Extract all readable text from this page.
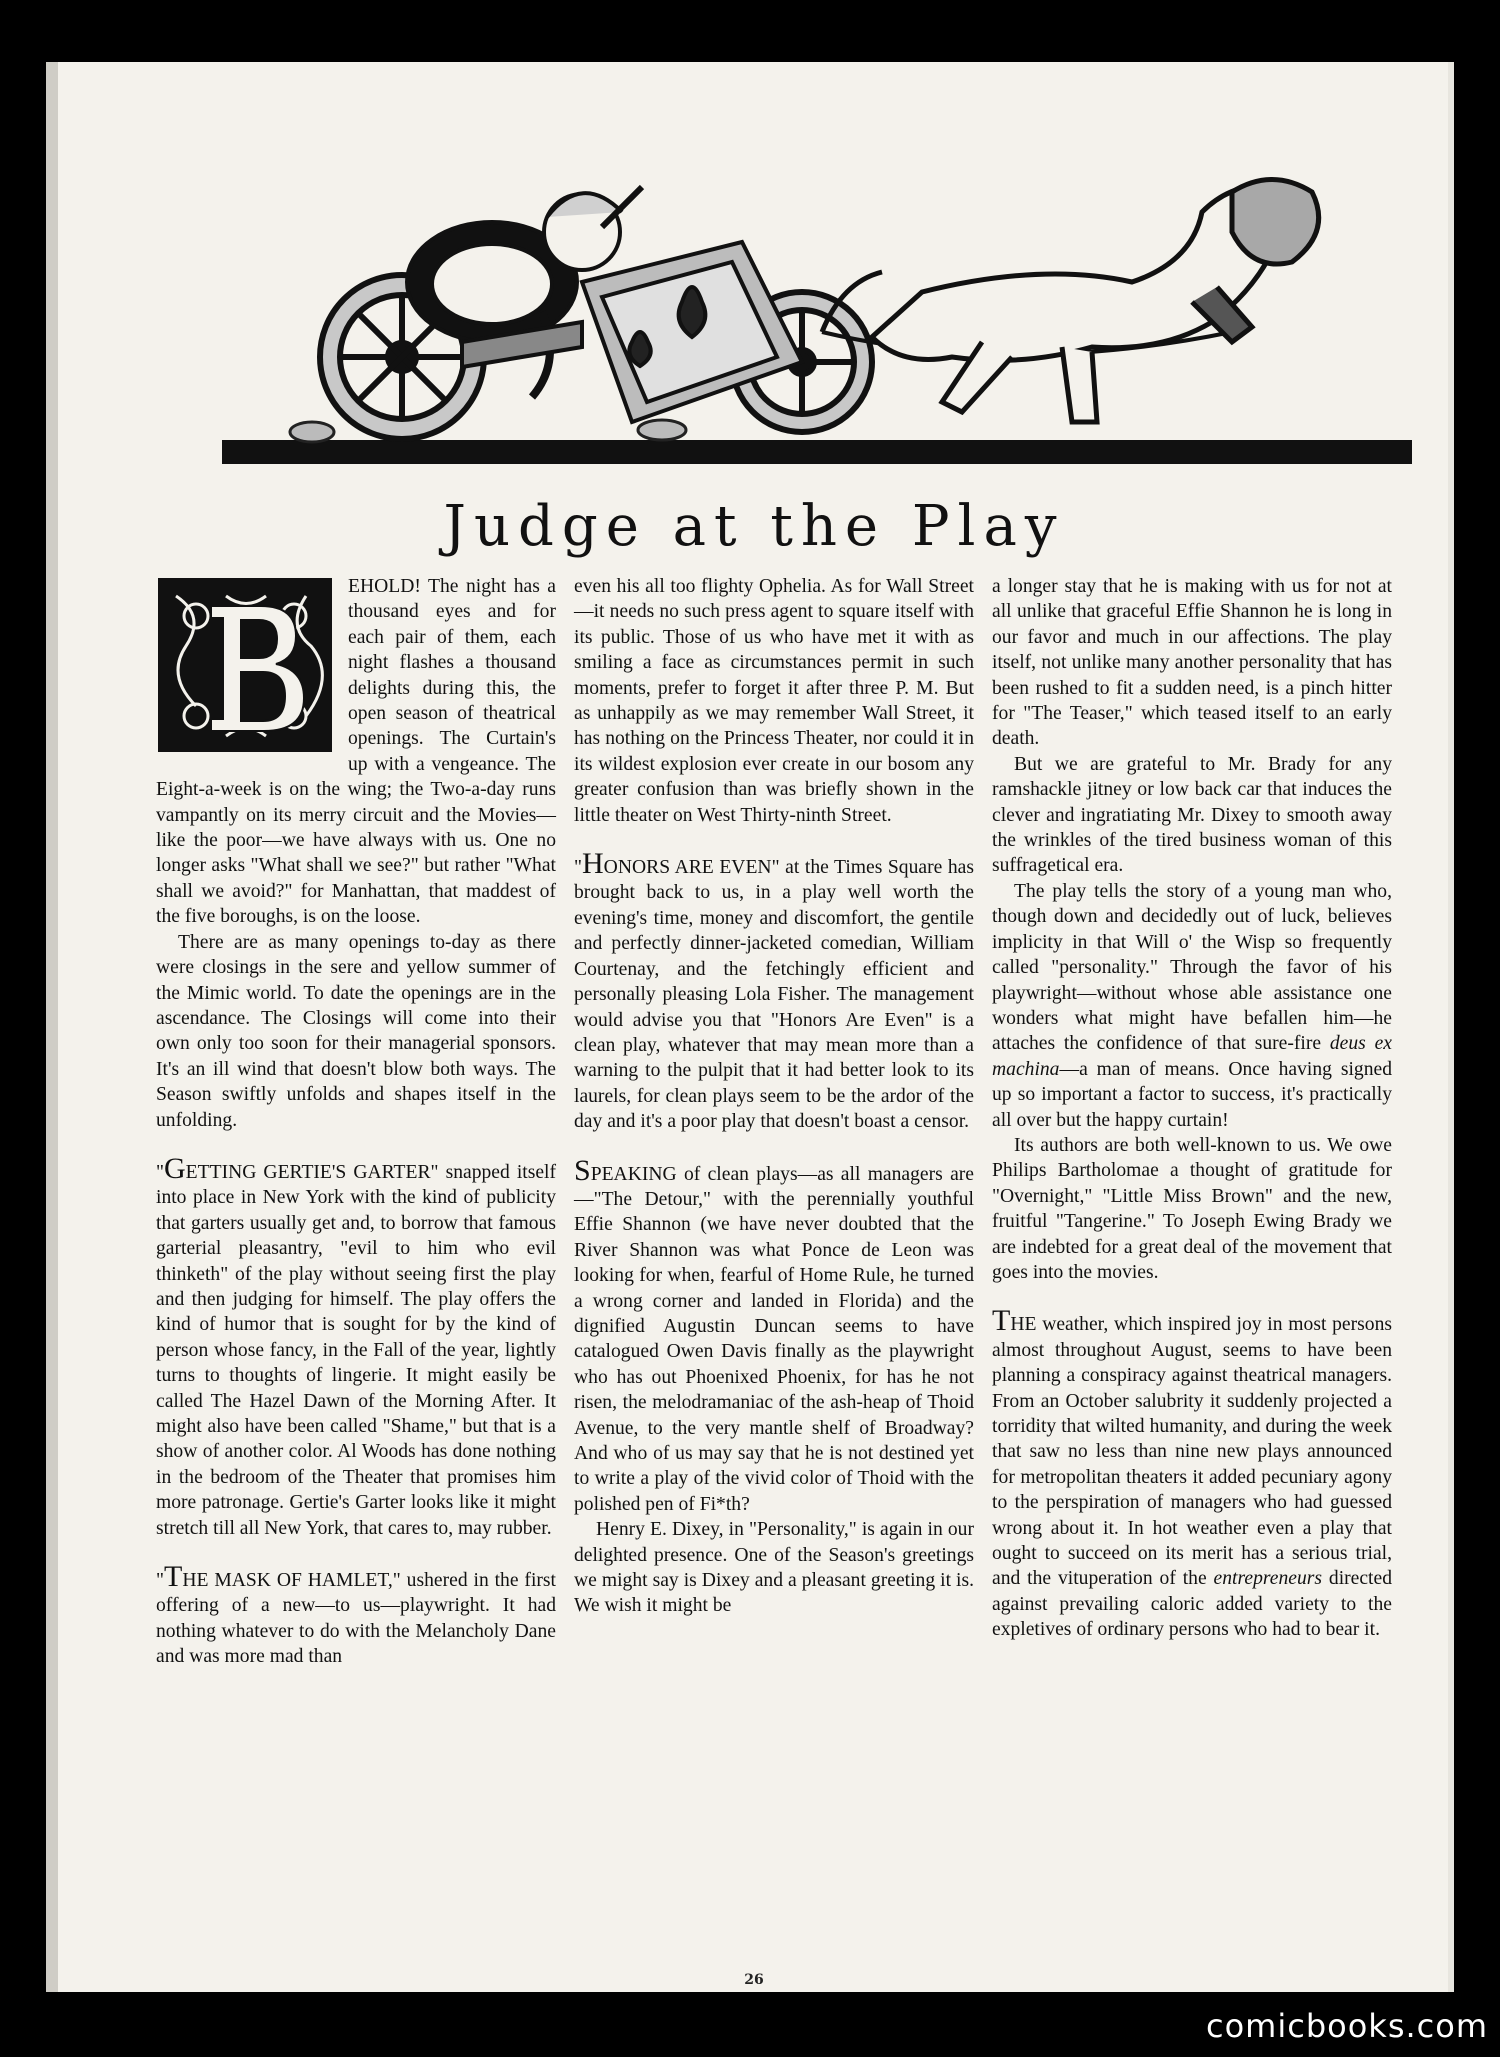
Judge at the Play

EHOLD! The night has a thousand eyes and for each pair of them, each night flashes a thousand delights during this, the open season of theatrical openings. The Curtain's up with a vengeance. The Eight-a-week is on the wing; the Two-a-day runs vampantly on its merry circuit and the Movies—like the poor—we have always with us. One no longer asks "What shall we see?" but rather "What shall we avoid?" for Manhattan, that maddest of the five boroughs, is on the loose.

There are as many openings to-day as there were closings in the sere and yellow summer of the Mimic world. To date the openings are in the ascendance. The Closings will come into their own only too soon for their managerial sponsors. It's an ill wind that doesn't blow both ways. The Season swiftly unfolds and shapes itself in the unfolding.

"GETTING GERTIE'S GARTER" snapped itself into place in New York with the kind of publicity that garters usually get and, to borrow that famous garterial pleasantry, "evil to him who evil thinketh" of the play without seeing first the play and then judging for himself. The play offers the kind of humor that is sought for by the kind of person whose fancy, in the Fall of the year, lightly turns to thoughts of lingerie. It might easily be called The Hazel Dawn of the Morning After. It might also have been called "Shame," but that is a show of another color. Al Woods has done nothing in the bedroom of the Theater that promises him more patronage. Gertie's Garter looks like it might stretch till all New York, that cares to, may rubber.

"THE MASK OF HAMLET," ushered in the first offering of a new—to us—playwright. It had nothing whatever to do with the Melancholy Dane and was more mad than

even his all too flighty Ophelia. As for Wall Street—it needs no such press agent to square itself with its public. Those of us who have met it with as smiling a face as circumstances permit in such moments, prefer to forget it after three P. M. But as unhappily as we may remember Wall Street, it has nothing on the Princess Theater, nor could it in its wildest explosion ever create in our bosom any greater confusion than was briefly shown in the little theater on West Thirty-ninth Street.

"HONORS ARE EVEN" at the Times Square has brought back to us, in a play well worth the evening's time, money and discomfort, the gentile and perfectly dinner-jacketed comedian, William Courtenay, and the fetchingly efficient and personally pleasing Lola Fisher. The management would advise you that "Honors Are Even" is a clean play, whatever that may mean more than a warning to the pulpit that it had better look to its laurels, for clean plays seem to be the ardor of the day and it's a poor play that doesn't boast a censor.

SPEAKING of clean plays—as all managers are—"The Detour," with the perennially youthful Effie Shannon (we have never doubted that the River Shannon was what Ponce de Leon was looking for when, fearful of Home Rule, he turned a wrong corner and landed in Florida) and the dignified Augustin Duncan seems to have catalogued Owen Davis finally as the playwright who has out Phoenixed Phoenix, for has he not risen, the melodramaniac of the ash-heap of Thoid Avenue, to the very mantle shelf of Broadway? And who of us may say that he is not destined yet to write a play of the vivid color of Thoid with the polished pen of Fi*th?

Henry E. Dixey, in "Personality," is again in our delighted presence. One of the Season's greetings we might say is Dixey and a pleasant greeting it is. We wish it might be

a longer stay that he is making with us for not at all unlike that graceful Effie Shannon he is long in our favor and much in our affections. The play itself, not unlike many another personality that has been rushed to fit a sudden need, is a pinch hitter for "The Teaser," which teased itself to an early death.

But we are grateful to Mr. Brady for any ramshackle jitney or low back car that induces the clever and ingratiating Mr. Dixey to smooth away the wrinkles of the tired business woman of this suffragetical era.

The play tells the story of a young man who, though down and decidedly out of luck, believes implicity in that Will o' the Wisp so frequently called "personality." Through the favor of his playwright—without whose able assistance one wonders what might have befallen him—he attaches the confidence of that sure-fire deus ex machina—a man of means. Once having signed up so important a factor to success, it's practically all over but the happy curtain!

Its authors are both well-known to us. We owe Philips Bartholomae a thought of gratitude for "Overnight," "Little Miss Brown" and the new, fruitful "Tangerine." To Joseph Ewing Brady we are indebted for a great deal of the movement that goes into the movies.

THE weather, which inspired joy in most persons almost throughout August, seems to have been planning a conspiracy against theatrical managers. From an October salubrity it suddenly projected a torridity that wilted humanity, and during the week that saw no less than nine new plays announced for metropolitan theaters it added pecuniary agony to the perspiration of managers who had guessed wrong about it. In hot weather even a play that ought to succeed on its merit has a serious trial, and the vituperation of the entrepreneurs directed against prevailing caloric added variety to the expletives of ordinary persons who had to bear it.

26
comicbooks.com
